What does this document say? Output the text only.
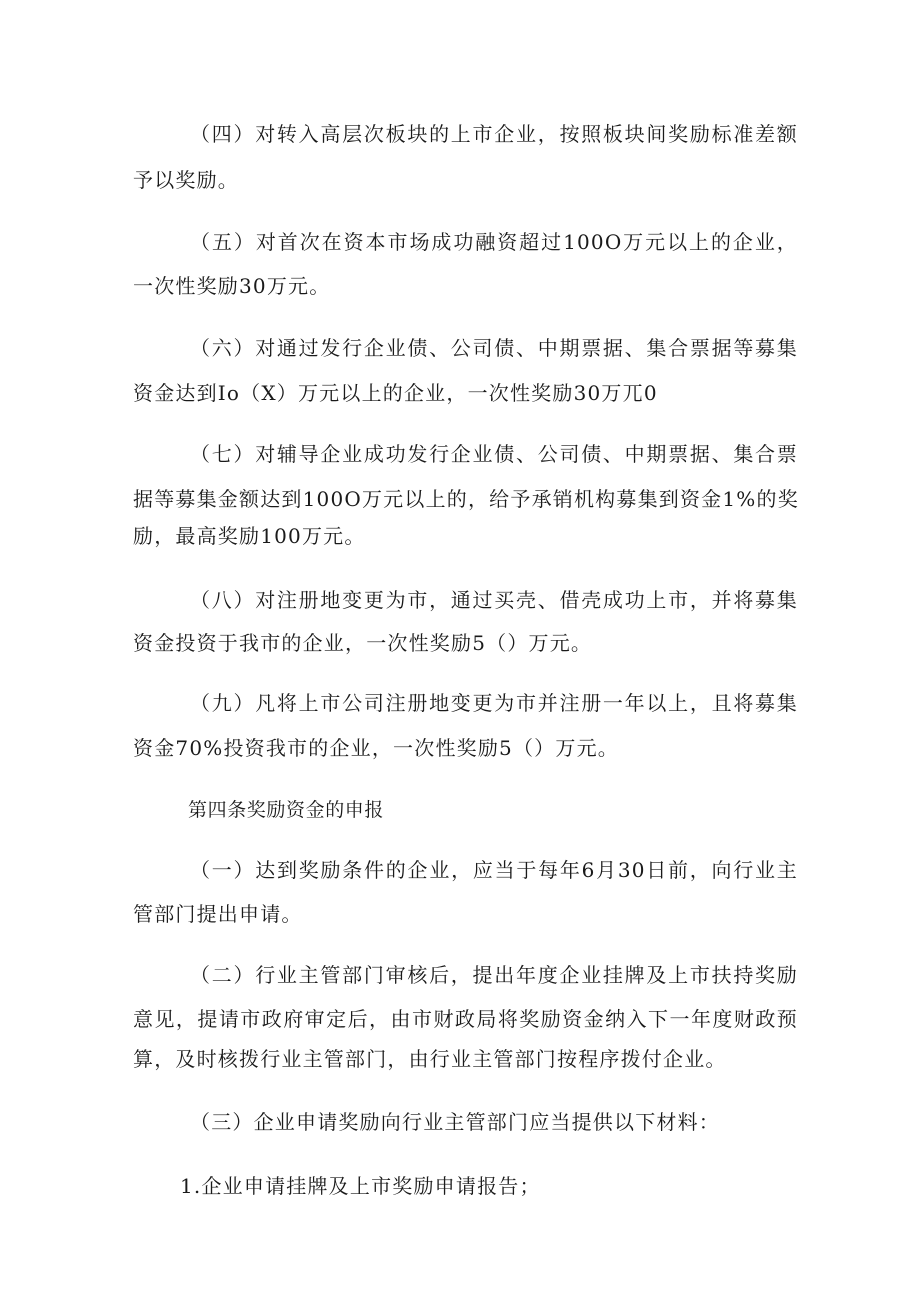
（四）对转入高层次板块的上市企业，按照板块间奖励标准差额
予以奖励。
（五）对首次在资本市场成功融资超过100O万元以上的企业，
一次性奖励30万元。
（六）对通过发行企业债、公司债、中期票据、集合票据等募集
资金达到Io（X）万元以上的企业，一次性奖励30万兀0
（七）对辅导企业成功发行企业债、公司债、中期票据、集合票
据等募集金额达到100O万元以上的，给予承销机构募集到资金1%的奖
励，最高奖励100万元。
（八）对注册地变更为市，通过买壳、借壳成功上市，并将募集
资金投资于我市的企业，一次性奖励5（）万元。
（九）凡将上市公司注册地变更为市并注册一年以上，且将募集
资金70%投资我市的企业，一次性奖励5（）万元。
第四条奖励资金的申报
（一）达到奖励条件的企业，应当于每年6月30日前，向行业主
管部门提出申请。
（二）行业主管部门审核后，提出年度企业挂牌及上市扶持奖励
意见，提请市政府审定后，由市财政局将奖励资金纳入下一年度财政预
算，及时核拨行业主管部门，由行业主管部门按程序拨付企业。
（三）企业申请奖励向行业主管部门应当提供以下材料：
1.企业申请挂牌及上市奖励申请报告；
